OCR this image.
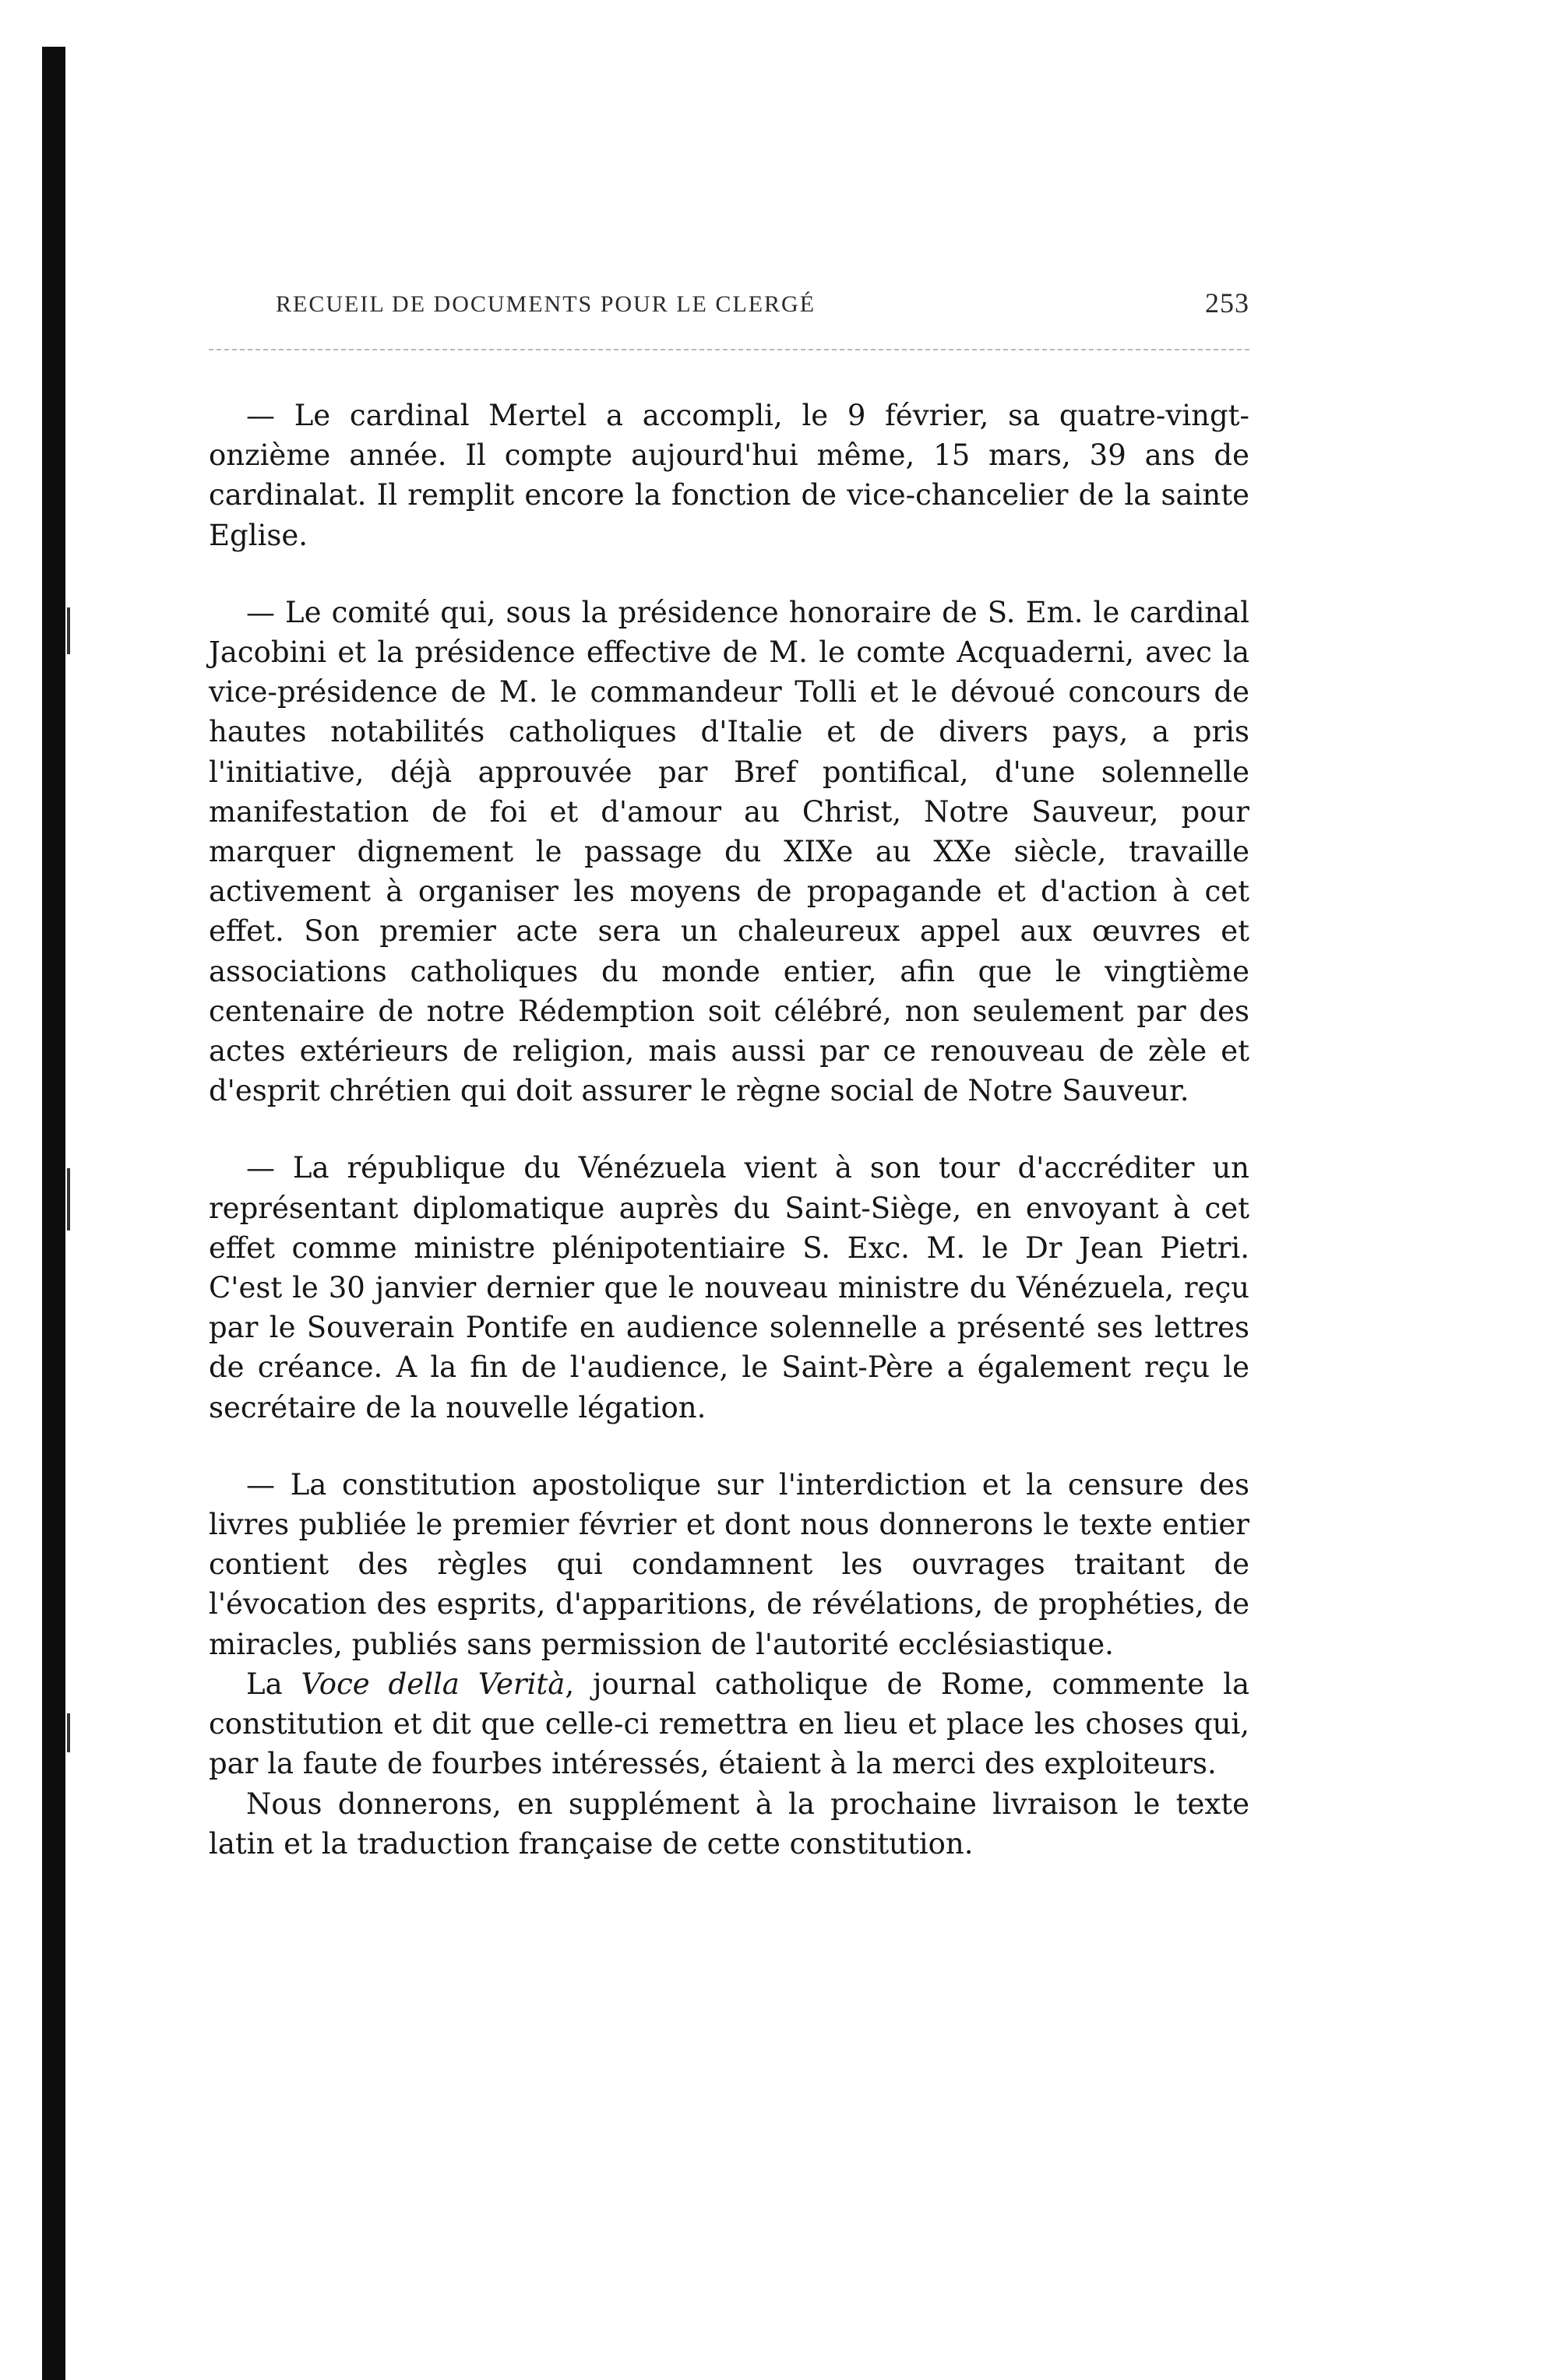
RECUEIL DE DOCUMENTS POUR LE CLERGÉ	253

— Le cardinal Mertel a accompli, le 9 février, sa quatre-vingt-onzième année. Il compte aujourd'hui même, 15 mars, 39 ans de cardinalat. Il remplit encore la fonction de vice-chancelier de la sainte Eglise.

— Le comité qui, sous la présidence honoraire de S. Em. le cardinal Jacobini et la présidence effective de M. le comte Acquaderni, avec la vice-présidence de M. le commandeur Tolli et le dévoué concours de hautes notabilités catholiques d'Italie et de divers pays, a pris l'initiative, déjà approuvée par Bref pontifical, d'une solennelle manifestation de foi et d'amour au Christ, Notre Sauveur, pour marquer dignement le passage du XIXe au XXe siècle, travaille activement à organiser les moyens de propagande et d'action à cet effet. Son premier acte sera un chaleureux appel aux œuvres et associations catholiques du monde entier, afin que le vingtième centenaire de notre Rédemption soit célébré, non seulement par des actes extérieurs de religion, mais aussi par ce renouveau de zèle et d'esprit chrétien qui doit assurer le règne social de Notre Sauveur.

— La république du Vénézuela vient à son tour d'accréditer un représentant diplomatique auprès du Saint-Siège, en envoyant à cet effet comme ministre plénipotentiaire S. Exc. M. le Dr Jean Pietri. C'est le 30 janvier dernier que le nouveau ministre du Vénézuela, reçu par le Souverain Pontife en audience solennelle a présenté ses lettres de créance. A la fin de l'audience, le Saint-Père a également reçu le secrétaire de la nouvelle légation.

— La constitution apostolique sur l'interdiction et la censure des livres publiée le premier février et dont nous donnerons le texte entier contient des règles qui condamnent les ouvrages traitant de l'évocation des esprits, d'apparitions, de révélations, de prophéties, de miracles, publiés sans permission de l'autorité ecclésiastique.

La Voce della Verità, journal catholique de Rome, commente la constitution et dit que celle-ci remettra en lieu et place les choses qui, par la faute de fourbes intéressés, étaient à la merci des exploiteurs.

Nous donnerons, en supplément à la prochaine livraison le texte latin et la traduction française de cette constitution.
